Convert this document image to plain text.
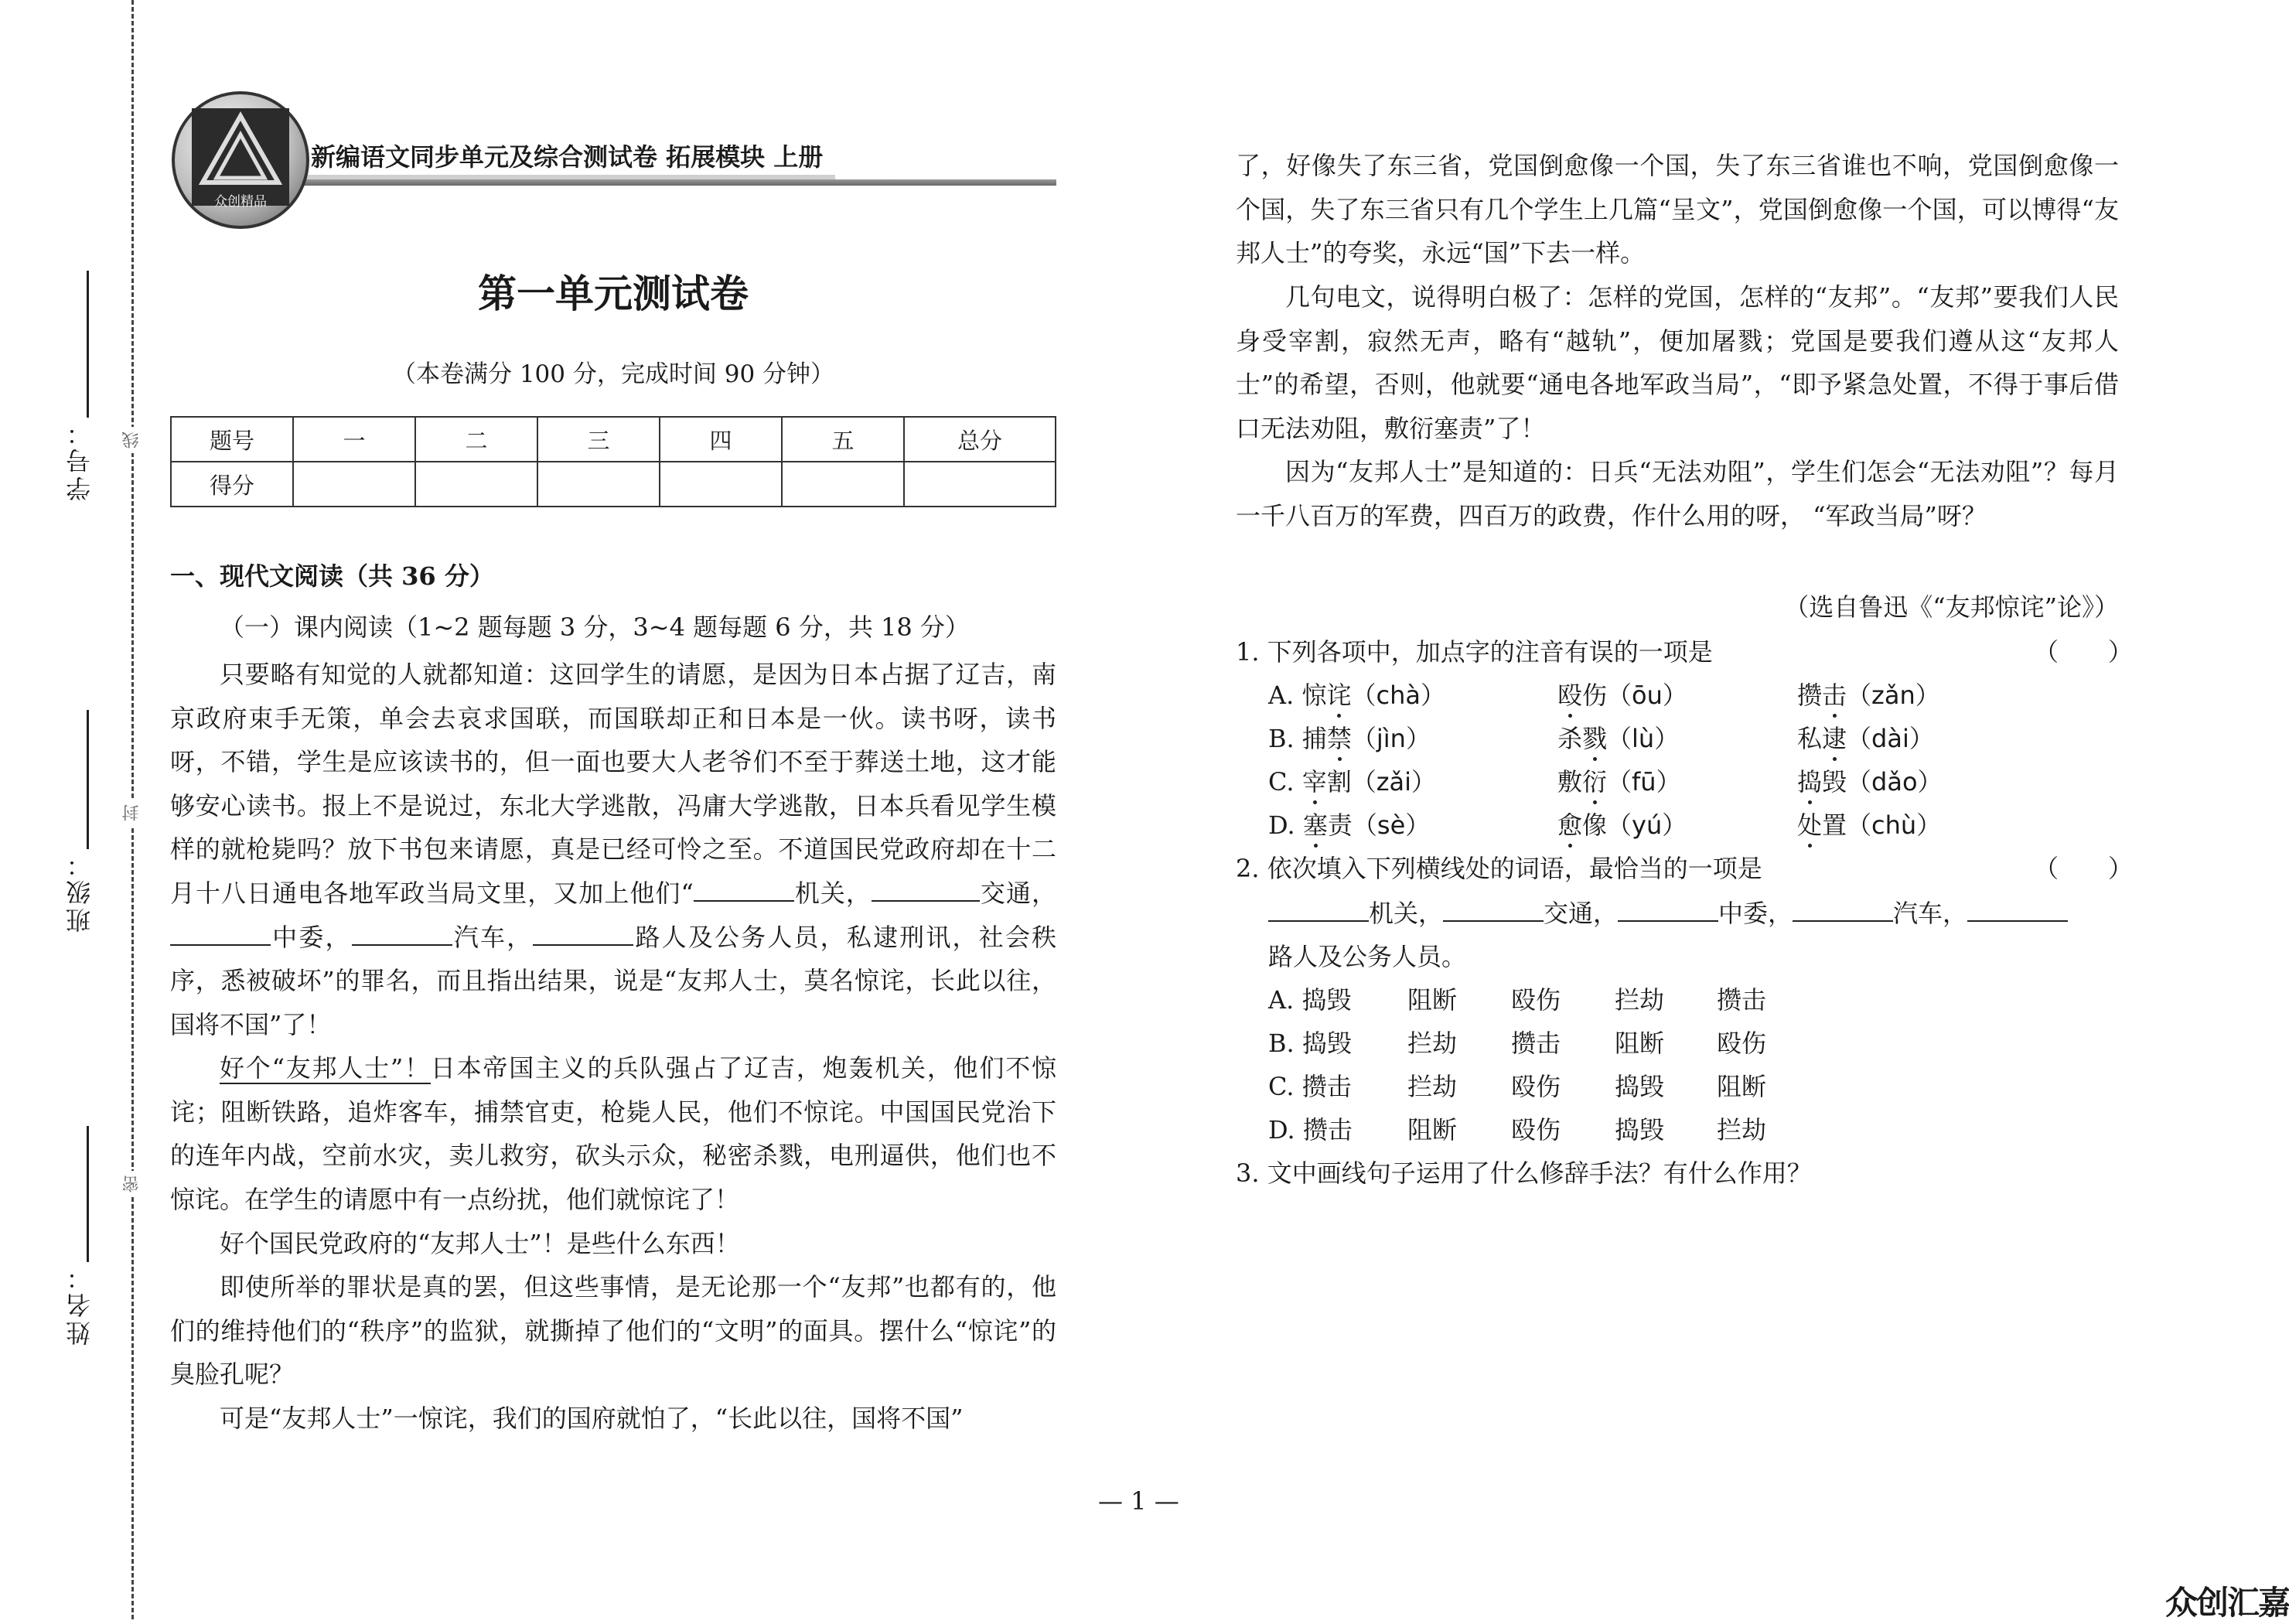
学号： 线
班级：
封
姓名：
密
众创精品
新编语文同步单元及综合测试卷 拓展模块 上册
第一单元测试卷
（本卷满分 100 分，完成时间 90 分钟）
题号	一	二	三	四	五	总分
得分						
一、现代文阅读（共 36 分）
（一）课内阅读（1~2 题每题 3 分，3~4 题每题 6 分，共 18 分）
只要略有知觉的人就都知道：这回学生的请愿，是因为日本占据了辽吉，南京政府束手无策，单会去哀求国联，而国联却正和日本是一伙。读书呀，读书呀，不错，学生是应该读书的，但一面也要大人老爷们不至于葬送土地，这才能够安心读书。报上不是说过，东北大学逃散，冯庸大学逃散，日本兵看见学生模样的就枪毙吗？放下书包来请愿，真是已经可怜之至。不道国民党政府却在十二月十八日通电各地军政当局文里，又加上他们“	机关，	交通，中委，	汽车，	路人及公务人员，私逮刑讯，社会秩序，悉被破坏”的罪名，而且指出结果，说是“友邦人士，莫名惊诧，长此以往，国将不国”了！
好个“友邦人士”！日本帝国主义的兵队强占了辽吉，炮轰机关，他们不惊诧；阻断铁路，追炸客车，捕禁官吏，枪毙人民，他们不惊诧。中国国民党治下的连年内战，空前水灾，卖儿救穷，砍头示众，秘密杀戮，电刑逼供，他们也不惊诧。在学生的请愿中有一点纷扰，他们就惊诧了！
好个国民党政府的“友邦人士”！是些什么东西！
即使所举的罪状是真的罢，但这些事情，是无论那一个“友邦”也都有的，他们的维持他们的“秩序”的监狱，就撕掉了他们的“文明”的面具。摆什么“惊诧”的臭脸孔呢？
可是“友邦人士”一惊诧，我们的国府就怕了，“长此以往，国将不国”
了，好像失了东三省，党国倒愈像一个国，失了东三省谁也不响，党国倒愈像一个国，失了东三省只有几个学生上几篇“呈文”，党国倒愈像一个国，可以博得“友邦人士”的夸奖，永远“国”下去一样。
几句电文，说得明白极了：怎样的党国，怎样的“友邦”。“友邦”要我们人民身受宰割，寂然无声，略有“越轨”，便加屠戮；党国是要我们遵从这“友邦人士”的希望，否则，他就要“通电各地军政当局”，“即予紧急处置，不得于事后借口无法劝阻，敷衍塞责”了！
因为“友邦人士”是知道的：日兵“无法劝阻”，学生们怎会“无法劝阻”？每月一千八百万的军费，四百万的政费，作什么用的呀， “军政当局”呀？
（选自鲁迅《“友邦惊诧”论》）
1. 下列各项中，加点字的注音有误的一项是	（　　）
A. 惊诧（chà）	殴伤（ōu）	攒击（zǎn）
B. 捕禁（jìn）	杀戮（lù）	私逮（dài）
C. 宰割（zǎi）	敷衍（fū）	捣毁（dǎo）
D. 塞责（sè）	愈像（yú）	处置（chù）
2. 依次填入下列横线处的词语，最恰当的一项是	（　　）
机关，	交通，	中委，	汽车，
路人及公务人员。
A. 捣毁 阻断 殴伤 拦劫 攒击
B. 捣毁 拦劫 攒击 阻断 殴伤
C. 攒击 拦劫 殴伤 捣毁 阻断
D. 攒击 阻断 殴伤 捣毁 拦劫
3. 文中画线句子运用了什么修辞手法？有什么作用？
— 1 —
众创汇嘉
